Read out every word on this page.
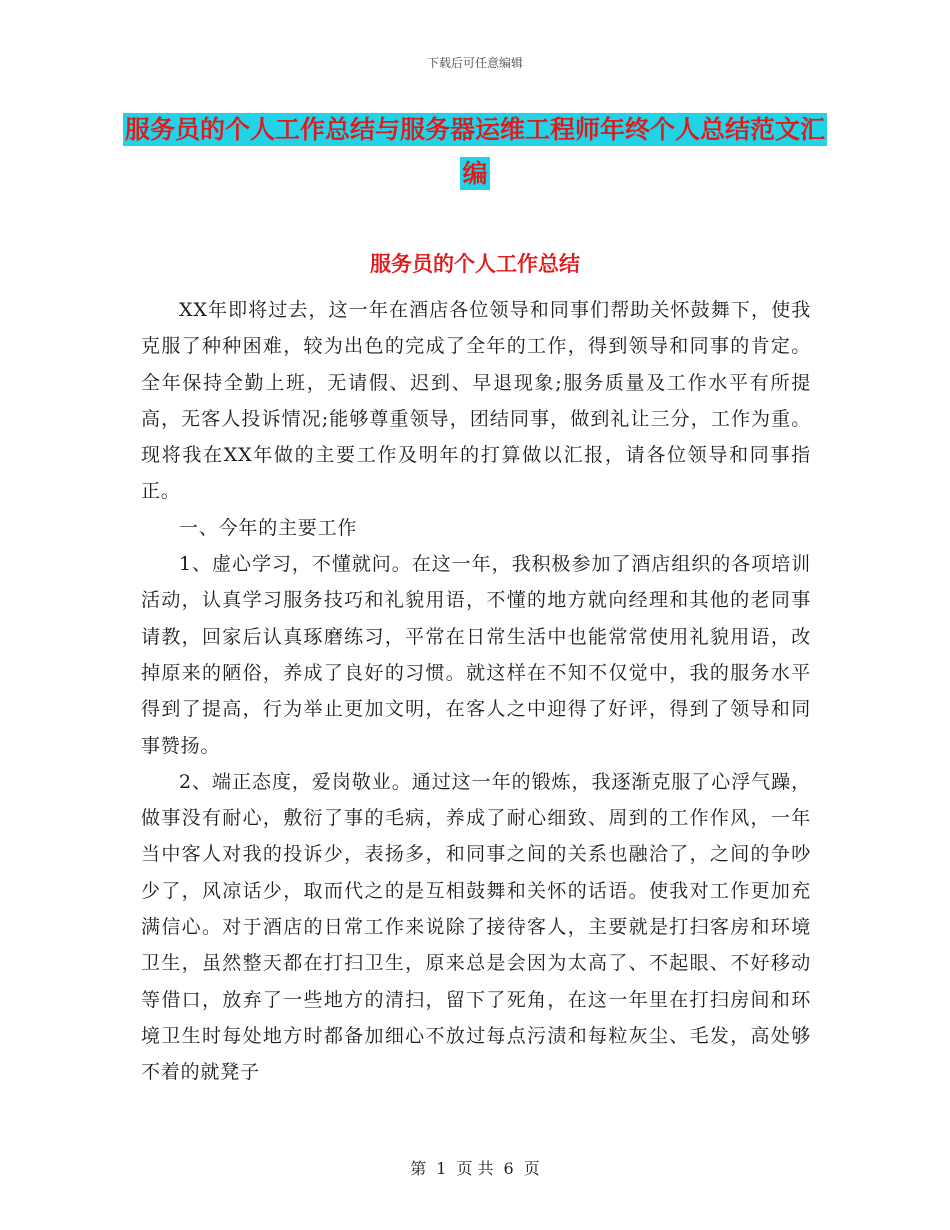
下载后可任意编辑
服务员的个人工作总结与服务器运维工程师年终个人总结范文汇编
服务员的个人工作总结

XX年即将过去，这一年在酒店各位领导和同事们帮助关怀鼓舞下，使我克服了种种困难，较为出色的完成了全年的工作，得到领导和同事的肯定。全年保持全勤上班，无请假、迟到、早退现象;服务质量及工作水平有所提高，无客人投诉情况;能够尊重领导，团结同事，做到礼让三分，工作为重。现将我在XX年做的主要工作及明年的打算做以汇报，请各位领导和同事指正。

一、今年的主要工作

1、虚心学习，不懂就问。在这一年，我积极参加了酒店组织的各项培训活动，认真学习服务技巧和礼貌用语，不懂的地方就向经理和其他的老同事请教，回家后认真琢磨练习，平常在日常生活中也能常常使用礼貌用语，改掉原来的陋俗，养成了良好的习惯。就这样在不知不仅觉中，我的服务水平得到了提高，行为举止更加文明，在客人之中迎得了好评，得到了领导和同事赞扬。

2、端正态度，爱岗敬业。通过这一年的锻炼，我逐渐克服了心浮气躁，做事没有耐心，敷衍了事的毛病，养成了耐心细致、周到的工作作风，一年当中客人对我的投诉少，表扬多，和同事之间的关系也融洽了，之间的争吵少了，风凉话少，取而代之的是互相鼓舞和关怀的话语。使我对工作更加充满信心。对于酒店的日常工作来说除了接待客人，主要就是打扫客房和环境卫生，虽然整天都在打扫卫生，原来总是会因为太高了、不起眼、不好移动等借口，放弃了一些地方的清扫，留下了死角，在这一年里在打扫房间和环境卫生时每处地方时都备加细心不放过每点污渍和每粒灰尘、毛发，高处够不着的就凳子

第 1 页 共 6 页
